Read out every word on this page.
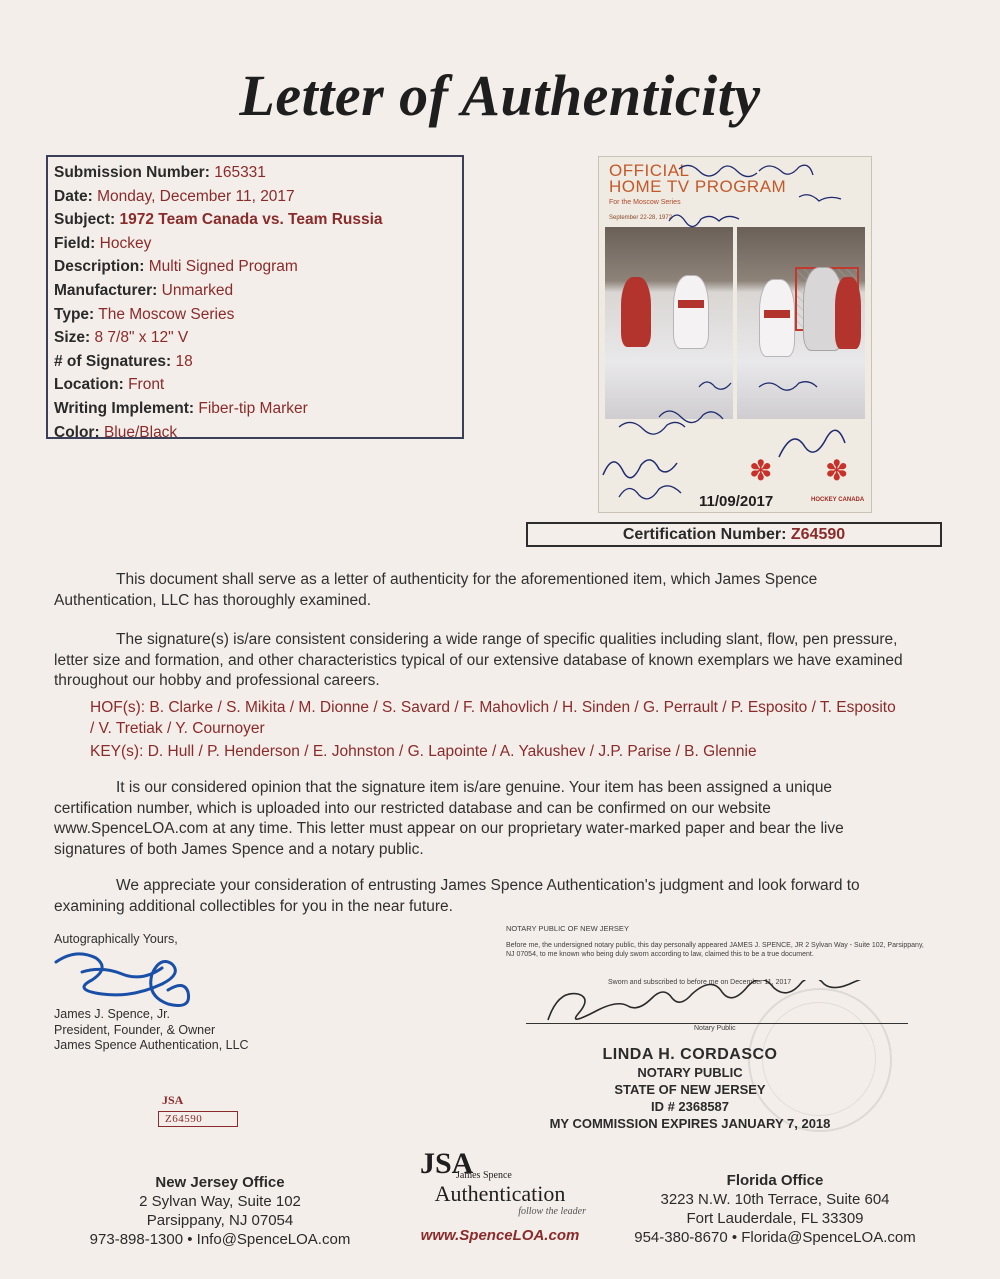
Letter of Authenticity
Submission Number: 165331
Date: Monday, December 11, 2017
Subject: 1972 Team Canada vs. Team Russia
Field: Hockey
Description: Multi Signed Program
Manufacturer: Unmarked
Type: The Moscow Series
Size: 8 7/8" x 12" V
# of Signatures: 18
Location: Front
Writing Implement: Fiber-tip Marker
Color: Blue/Black
OFFICIAL
HOME TV PROGRAM
For the Moscow Series
September 22-28, 1972
✽ ✽
11/09/2017	HOCKEY CANADA
Certification Number: Z64590
This document shall serve as a letter of authenticity for the aforementioned item, which James Spence Authentication, LLC has thoroughly examined.
The signature(s) is/are consistent considering a wide range of specific qualities including slant, flow, pen pressure, letter size and formation, and other characteristics typical of our extensive database of known exemplars we have examined throughout our hobby and professional careers.
HOF(s): B. Clarke / S. Mikita / M. Dionne / S. Savard / F. Mahovlich / H. Sinden / G. Perrault / P. Esposito / T. Esposito / V. Tretiak / Y. Cournoyer
KEY(s): D. Hull / P. Henderson / E. Johnston / G. Lapointe / A. Yakushev / J.P. Parise / B. Glennie
It is our considered opinion that the signature item is/are genuine. Your item has been assigned a unique certification number, which is uploaded into our restricted database and can be confirmed on our website www.SpenceLOA.com at any time. This letter must appear on our proprietary water-marked paper and bear the live signatures of both James Spence and a notary public.
We appreciate your consideration of entrusting James Spence Authentication's judgment and look forward to examining additional collectibles for you in the near future.
Autographically Yours,
James J. Spence, Jr.
President, Founder, & Owner
James Spence Authentication, LLC
JSA
Z64590
NOTARY PUBLIC OF NEW JERSEY
Before me, the undersigned notary public, this day personally appeared JAMES J. SPENCE, JR 2 Sylvan Way - Suite 102, Parsippany, NJ 07054, to me known who being duly sworn according to law, claimed this to be a true document.
Sworn and subscribed to before me on December 11, 2017
Notary Public
LINDA H. CORDASCO
NOTARY PUBLIC
STATE OF NEW JERSEY
ID # 2368587
MY COMMISSION EXPIRES JANUARY 7, 2018
New Jersey Office
2 Sylvan Way, Suite 102
Parsippany, NJ 07054
973-898-1300 • Info@SpenceLOA.com
JSA
James Spence
Authentication
follow the leader
www.SpenceLOA.com
Florida Office
3223 N.W. 10th Terrace, Suite 604
Fort Lauderdale, FL 33309
954-380-8670 • Florida@SpenceLOA.com
